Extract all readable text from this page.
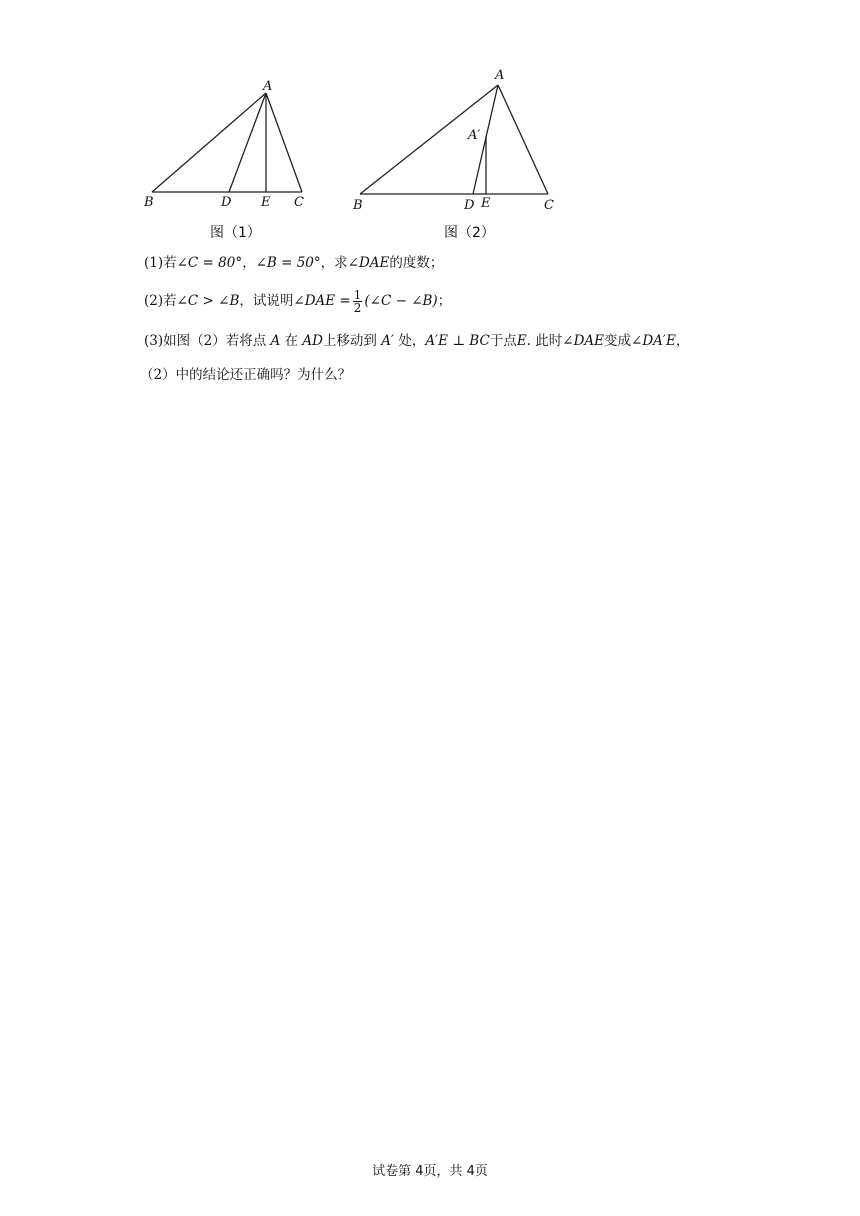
A
B	D E C
图（1）
A
A′
B	D E	C
图（2）
(1)若∠C = 80°，∠B = 50°，求∠DAE的度数；
(2)若∠C > ∠B，试说明∠DAE = $\frac{1}{2}$ (∠C − ∠B)；
(3)如图（2）若将点 A 在 AD上移动到 A′ 处，A′E ⊥ BC于点E. 此时∠DAE变成∠DA′E，
（2）中的结论还正确吗？为什么？
试卷第 4页，共 4页
